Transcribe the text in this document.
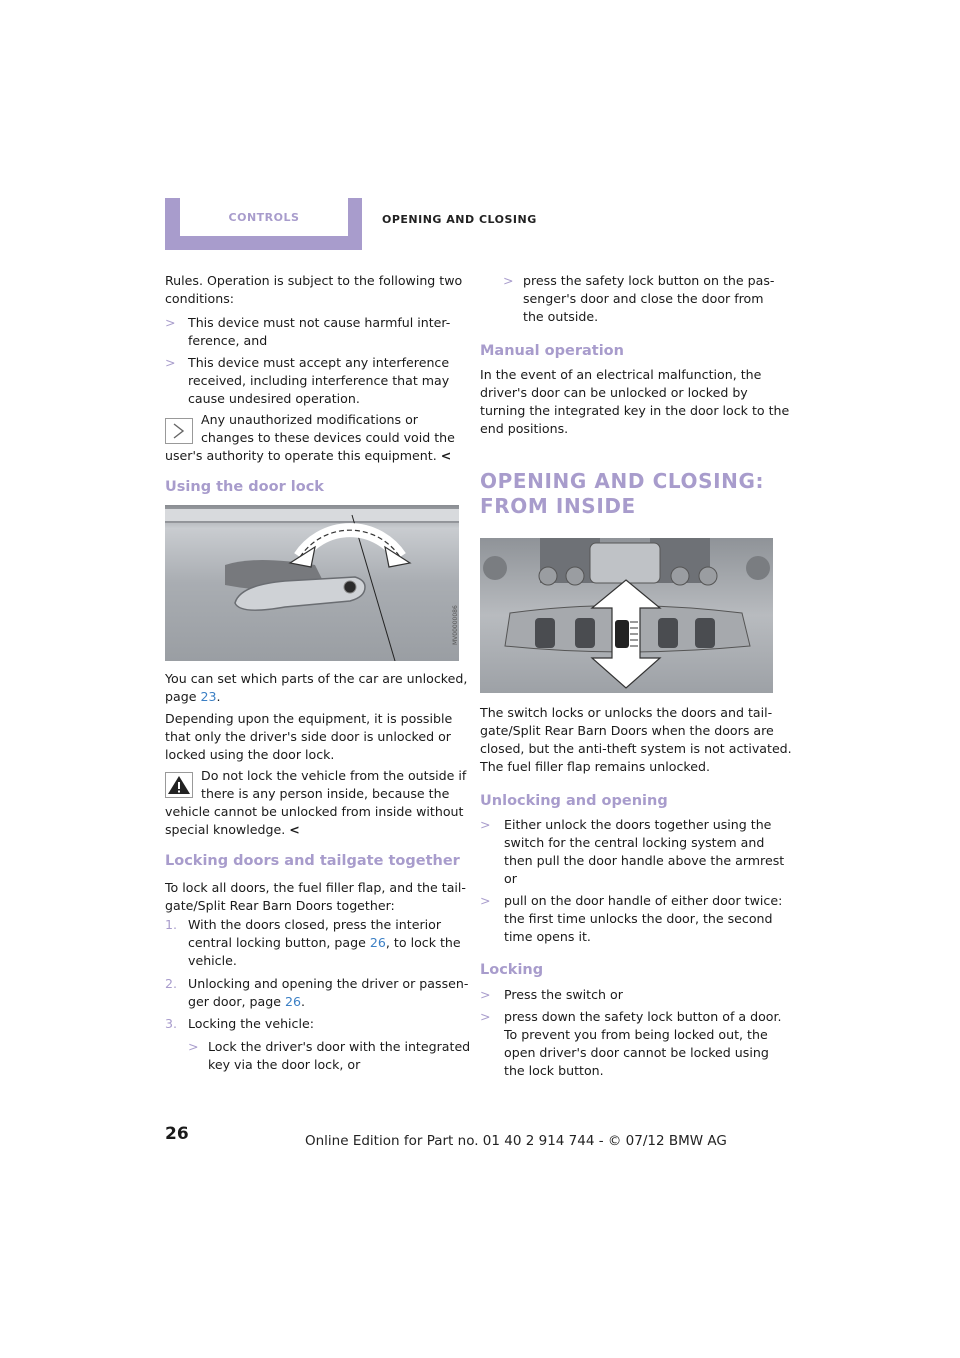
CONTROLS	OPENING AND CLOSING

Rules. Operation is subject to the following two

conditions:

> This device must not cause harmful inter-

ference, and

> This device must accept any interference

received, including interference that may

cause undesired operation.

Any unauthorized modifications or

changes to these devices could void the

user's authority to operate this equipment. <

Using the door lock
MV00000086

You can set which parts of the car are unlocked,

page 23.

Depending upon the equipment, it is possible

that only the driver's side door is unlocked or

locked using the door lock.

Do not lock the vehicle from the outside if

there is any person inside, because the

vehicle cannot be unlocked from inside without

special knowledge. <

Locking doors and tailgate together

To lock all doors, the fuel filler flap, and the tail-

gate/Split Rear Barn Doors together:

1. With the doors closed, press the interior

central locking button, page 26, to lock the

vehicle.

2. Unlocking and opening the driver or passen-

ger door, page 26.

3. Locking the vehicle:

> Lock the driver's door with the integrated

key via the door lock, or

> press the safety lock button on the pas-

senger's door and close the door from

the outside.

Manual operation

In the event of an electrical malfunction, the

driver's door can be unlocked or locked by

turning the integrated key in the door lock to the

end positions.

OPENING AND CLOSING:
FROM INSIDE

The switch locks or unlocks the doors and tail-

gate/Split Rear Barn Doors when the doors are

closed, but the anti-theft system is not activated.

The fuel filler flap remains unlocked.

Unlocking and opening
> Either unlock the doors together using the

switch for the central locking system and

then pull the door handle above the armrest

or

> pull on the door handle of either door twice:

the first time unlocks the door, the second

time opens it.

Locking
> Press the switch or

> press down the safety lock button of a door.

To prevent you from being locked out, the

open driver's door cannot be locked using

the lock button.

26	Online Edition for Part no. 01 40 2 914 744 - © 07/12 BMW AG
